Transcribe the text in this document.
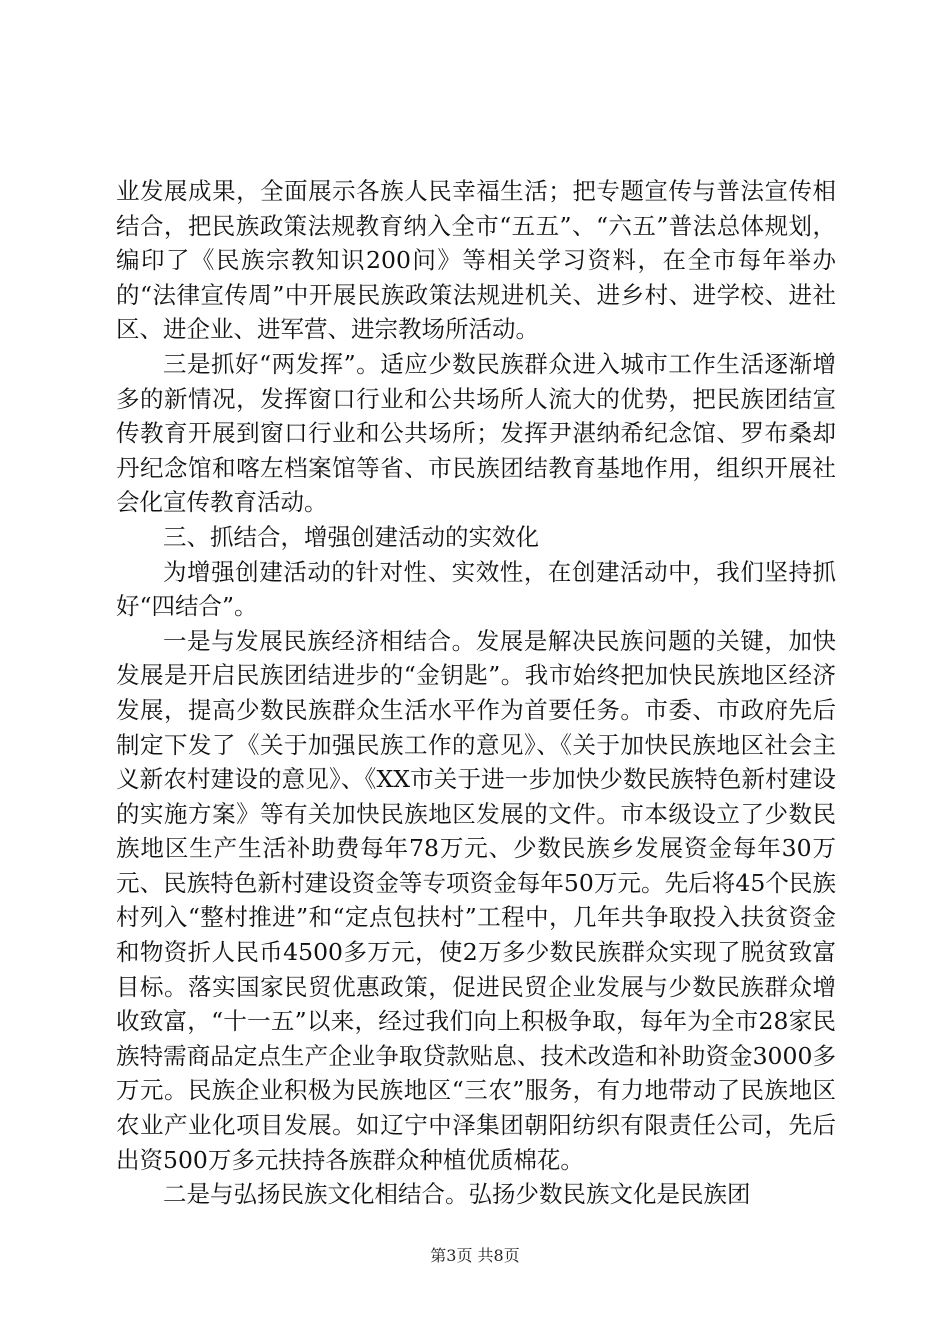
业发展成果，全面展示各族人民幸福生活；把专题宣传与普法宣传相结合，把民族政策法规教育纳入全市“五五”、“六五”普法总体规划，编印了《民族宗教知识200问》等相关学习资料，在全市每年举办的“法律宣传周”中开展民族政策法规进机关、进乡村、进学校、进社区、进企业、进军营、进宗教场所活动。

三是抓好“两发挥”。适应少数民族群众进入城市工作生活逐渐增多的新情况，发挥窗口行业和公共场所人流大的优势，把民族团结宣传教育开展到窗口行业和公共场所；发挥尹湛纳希纪念馆、罗布桑却丹纪念馆和喀左档案馆等省、市民族团结教育基地作用，组织开展社会化宣传教育活动。

三、抓结合，增强创建活动的实效化

为增强创建活动的针对性、实效性，在创建活动中，我们坚持抓好“四结合”。

一是与发展民族经济相结合。发展是解决民族问题的关键，加快发展是开启民族团结进步的“金钥匙”。我市始终把加快民族地区经济发展，提高少数民族群众生活水平作为首要任务。市委、市政府先后制定下发了《关于加强民族工作的意见》、《关于加快民族地区社会主义新农村建设的意见》、《XX市关于进一步加快少数民族特色新村建设的实施方案》等有关加快民族地区发展的文件。市本级设立了少数民族地区生产生活补助费每年78万元、少数民族乡发展资金每年30万元、民族特色新村建设资金等专项资金每年50万元。先后将45个民族村列入“整村推进”和“定点包扶村”工程中，几年共争取投入扶贫资金和物资折人民币4500多万元，使2万多少数民族群众实现了脱贫致富目标。落实国家民贸优惠政策，促进民贸企业发展与少数民族群众增收致富，“十一五”以来，经过我们向上积极争取，每年为全市28家民族特需商品定点生产企业争取贷款贴息、技术改造和补助资金3000多万元。民族企业积极为民族地区“三农”服务，有力地带动了民族地区农业产业化项目发展。如辽宁中泽集团朝阳纺织有限责任公司，先后出资500万多元扶持各族群众种植优质棉花。

二是与弘扬民族文化相结合。弘扬少数民族文化是民族团

第3页 共8页
